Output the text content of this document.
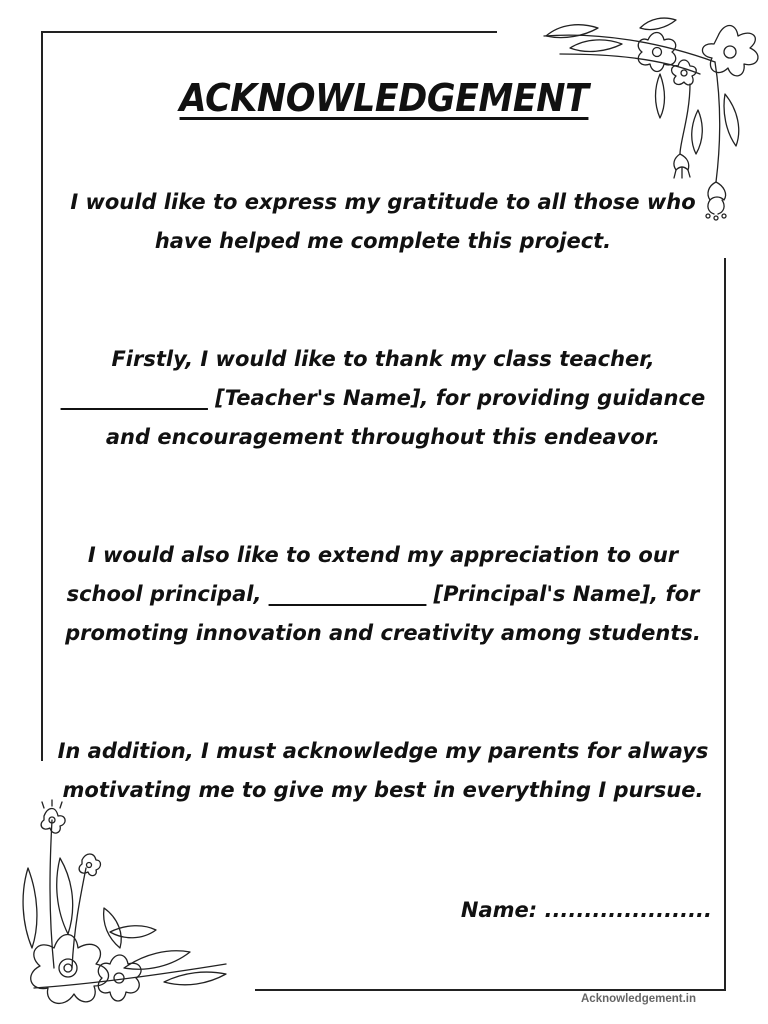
ACKNOWLEDGEMENT

I would like to express my gratitude to all those who have helped me complete this project.

Firstly, I would like to thank my class teacher, ______________ [Teacher's Name], for providing guidance and encouragement throughout this endeavor.

I would also like to extend my appreciation to our school principal, _______________ [Principal's Name], for promoting innovation and creativity among students.

In addition, I must acknowledge my parents for always motivating me to give my best in everything I pursue.

Name: .....................
Acknowledgement.in
